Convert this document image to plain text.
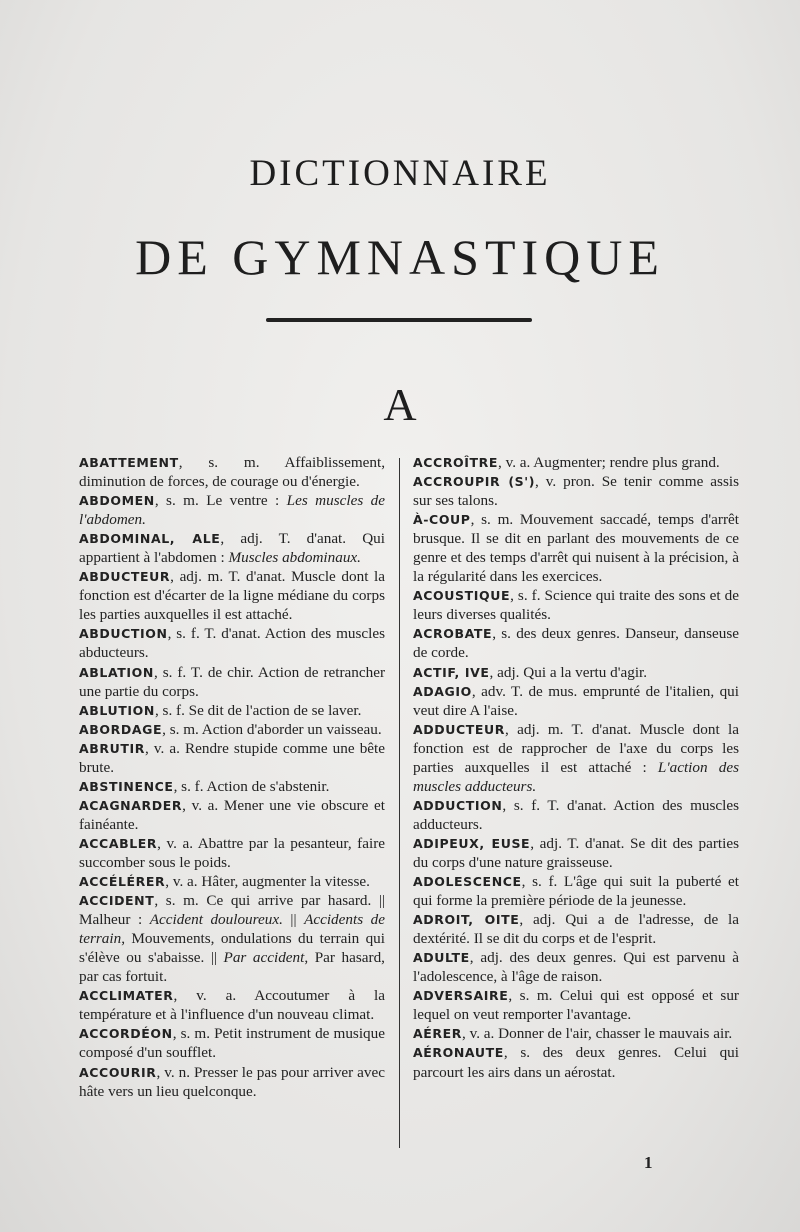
DICTIONNAIRE
DE GYMNASTIQUE
A
ABATTEMENT, s. m. Affaiblissement, diminution de forces, de courage ou d'énergie.
ABDOMEN, s. m. Le ventre : Les muscles de l'abdomen.
ABDOMINAL, ALE, adj. T. d'anat. Qui appartient à l'abdomen : Muscles abdominaux.
ABDUCTEUR, adj. m. T. d'anat. Muscle dont la fonction est d'écarter de la ligne médiane du corps les parties auxquelles il est attaché.
ABDUCTION, s. f. T. d'anat. Action des muscles abducteurs.
ABLATION, s. f. T. de chir. Action de retrancher une partie du corps.
ABLUTION, s. f. Se dit de l'action de se laver.
ABORDAGE, s. m. Action d'aborder un vaisseau.
ABRUTIR, v. a. Rendre stupide comme une bête brute.
ABSTINENCE, s. f. Action de s'abstenir.
ACAGNARDER, v. a. Mener une vie obscure et fainéante.
ACCABLER, v. a. Abattre par la pesanteur, faire succomber sous le poids.
ACCÉLÉRER, v. a. Hâter, augmenter la vitesse.
ACCIDENT, s. m. Ce qui arrive par hasard. || Malheur : Accident douloureux. || Accidents de terrain, Mouvements, ondulations du terrain qui s'élève ou s'abaisse. || Par accident, Par hasard, par cas fortuit.
ACCLIMATER, v. a. Accoutumer à la température et à l'influence d'un nouveau climat.
ACCORDÉON, s. m. Petit instrument de musique composé d'un soufflet.
ACCOURIR, v. n. Presser le pas pour arriver avec hâte vers un lieu quelconque.
ACCROÎTRE, v. a. Augmenter; rendre plus grand.
ACCROUPIR (S'), v. pron. Se tenir comme assis sur ses talons.
À-COUP, s. m. Mouvement saccadé, temps d'arrêt brusque. Il se dit en parlant des mouvements de ce genre et des temps d'arrêt qui nuisent à la précision, à la régularité dans les exercices.
ACOUSTIQUE, s. f. Science qui traite des sons et de leurs diverses qualités.
ACROBATE, s. des deux genres. Danseur, danseuse de corde.
ACTIF, IVE, adj. Qui a la vertu d'agir.
ADAGIO, adv. T. de mus. emprunté de l'italien, qui veut dire A l'aise.
ADDUCTEUR, adj. m. T. d'anat. Muscle dont la fonction est de rapprocher de l'axe du corps les parties auxquelles il est attaché : L'action des muscles adducteurs.
ADDUCTION, s. f. T. d'anat. Action des muscles adducteurs.
ADIPEUX, EUSE, adj. T. d'anat. Se dit des parties du corps d'une nature graisseuse.
ADOLESCENCE, s. f. L'âge qui suit la puberté et qui forme la première période de la jeunesse.
ADROIT, OITE, adj. Qui a de l'adresse, de la dextérité. Il se dit du corps et de l'esprit.
ADULTE, adj. des deux genres. Qui est parvenu à l'adolescence, à l'âge de raison.
ADVERSAIRE, s. m. Celui qui est opposé et sur lequel on veut remporter l'avantage.
AÉRER, v. a. Donner de l'air, chasser le mauvais air.
AÉRONAUTE, s. des deux genres. Celui qui parcourt les airs dans un aérostat.
1
